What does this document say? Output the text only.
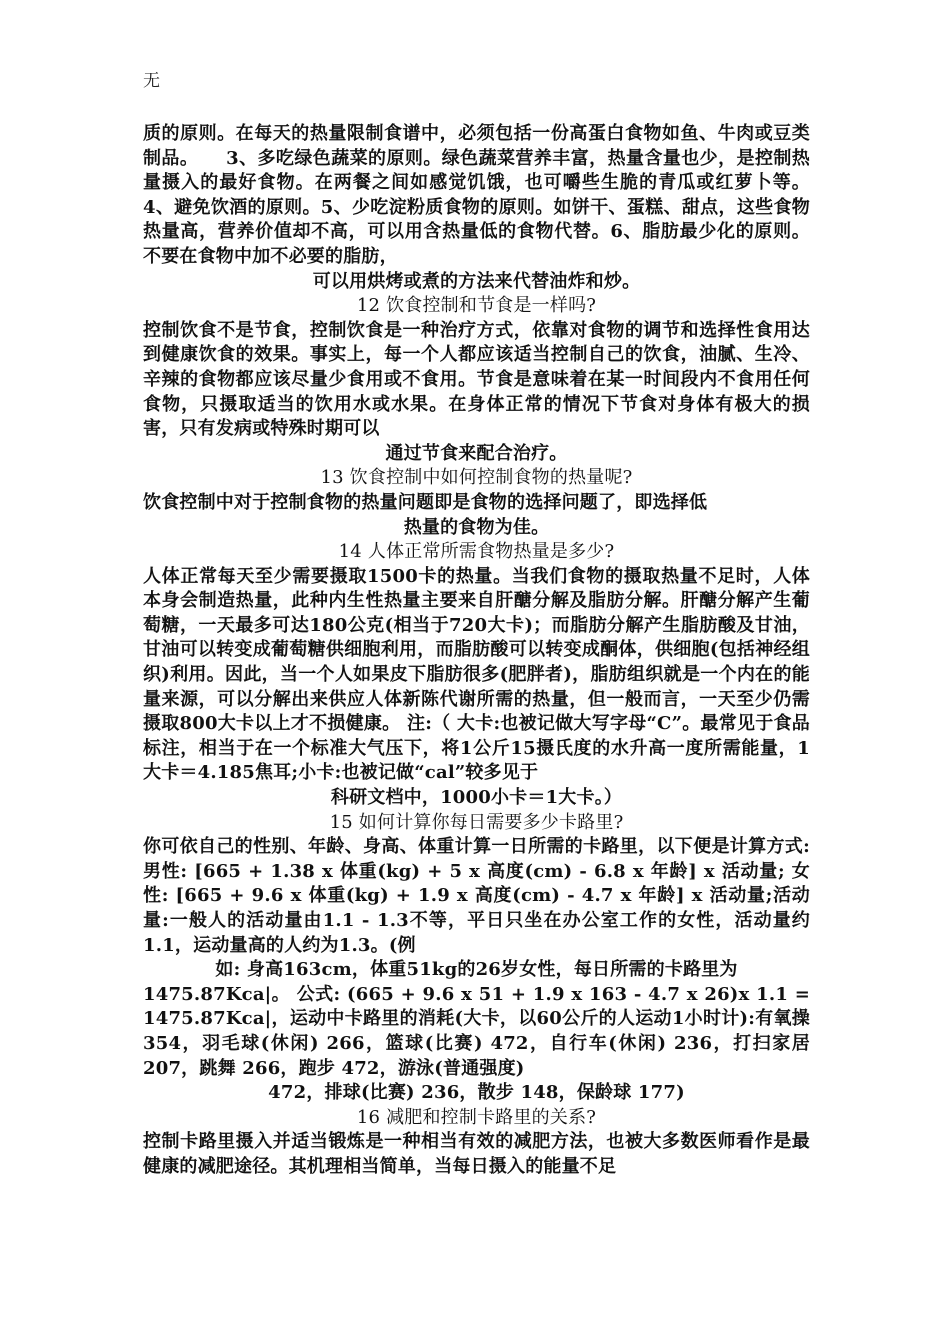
无

质的原则。在每天的热量限制食谱中，必须包括一份高蛋白食物如鱼、牛肉或豆类制品。　　3、多吃绿色蔬菜的原则。绿色蔬菜营养丰富，热量含量也少，是控制热量摄入的最好食物。在两餐之间如感觉饥饿，也可嚼些生脆的青瓜或红萝卜等。4、避免饮酒的原则。5、少吃淀粉质食物的原则。如饼干、蛋糕、甜点，这些食物热量高，营养价值却不高，可以用含热量低的食物代替。6、脂肪最少化的原则。不要在食物中加不必要的脂肪，

可以用烘烤或煮的方法来代替油炸和炒。

12 饮食控制和节食是一样吗?

控制饮食不是节食，控制饮食是一种治疗方式，依靠对食物的调节和选择性食用达到健康饮食的效果。事实上，每一个人都应该适当控制自己的饮食，油腻、生冷、辛辣的食物都应该尽量少食用或不食用。节食是意味着在某一时间段内不食用任何食物，只摄取适当的饮用水或水果。在身体正常的情况下节食对身体有极大的损害，只有发病或特殊时期可以

通过节食来配合治疗。

13 饮食控制中如何控制食物的热量呢?

饮食控制中对于控制食物的热量问题即是食物的选择问题了，即选择低

热量的食物为佳。

14 人体正常所需食物热量是多少?

人体正常每天至少需要摄取1500卡的热量。当我们食物的摄取热量不足时，人体本身会制造热量，此种内生性热量主要来自肝醣分解及脂肪分解。肝醣分解产生葡萄糖，一天最多可达180公克(相当于720大卡)；而脂肪分解产生脂肪酸及甘油，甘油可以转变成葡萄糖供细胞利用，而脂肪酸可以转变成酮体，供细胞(包括神经组织)利用。因此，当一个人如果皮下脂肪很多(肥胖者)，脂肪组织就是一个内在的能量来源，可以分解出来供应人体新陈代谢所需的热量，但一般而言，一天至少仍需摄取800大卡以上才不损健康。 注:（ 大卡:也被记做大写字母“C”。最常见于食品标注，相当于在一个标准大气压下，将1公斤15摄氏度的水升高一度所需能量，1大卡＝4.185焦耳;小卡:也被记做“cal”较多见于

科研文档中，1000小卡＝1大卡。）

15 如何计算你每日需要多少卡路里?

你可依自己的性别、年龄、身高、体重计算一日所需的卡路里，以下便是计算方式: 男性: [665 + 1.38 x 体重(kg) + 5 x 高度(cm) - 6.8 x 年龄] x 活动量; 女性: [665 + 9.6 x 体重(kg) + 1.9 x 高度(cm) - 4.7 x 年龄] x 活动量;活动量:一般人的活动量由1.1 - 1.3不等，平日只坐在办公室工作的女性，活动量约1.1，运动量高的人约为1.3。(例

如: 身高163cm，体重51kg的26岁女性，每日所需的卡路里为

1475.87Kca|。 公式: (665 + 9.6 x 51 + 1.9 x 163 - 4.7 x 26)x 1.1 = 1475.87Kca|，运动中卡路里的消耗(大卡，以60公斤的人运动1小时计):有氧操 354，羽毛球(休闲) 266，篮球(比赛) 472，自行车(休闲) 236，打扫家居 207，跳舞 266，跑步 472，游泳(普通强度)

472，排球(比赛) 236，散步 148，保龄球 177)

16 减肥和控制卡路里的关系?

控制卡路里摄入并适当锻炼是一种相当有效的减肥方法，也被大多数医师看作是最健康的减肥途径。其机理相当简单，当每日摄入的能量不足
